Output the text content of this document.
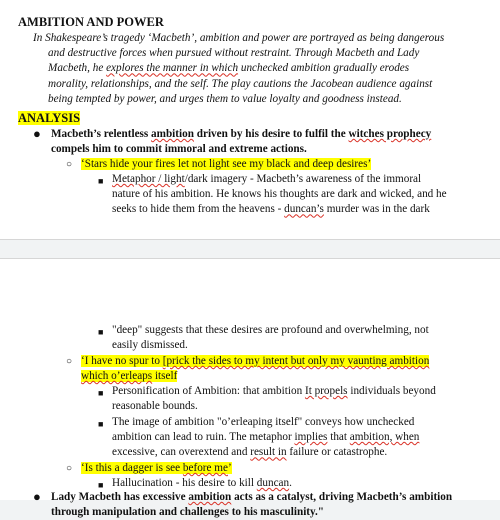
AMBITION AND POWER
In Shakespeare’s tragedy ‘Macbeth’, ambition and power are portrayed as being dangerous
and destructive forces when pursued without restraint. Through Macbeth and Lady
Macbeth, he explores the manner in which unchecked ambition gradually erodes
morality, relationships, and the self. The play cautions the Jacobean audience against
being tempted by power, and urges them to value loyalty and goodness instead.
ANALYSIS
● Macbeth’s relentless ambition driven by his desire to fulfil the witches prophecy
compels him to commit immoral and extreme actions.
○ ‘Stars hide your fires let not light see my black and deep desires’
■ Metaphor / light/dark imagery - Macbeth’s awareness of the immoral
nature of his ambition. He knows his thoughts are dark and wicked, and he
seeks to hide them from the heavens - duncan’s murder was in the dark
■ "deep" suggests that these desires are profound and overwhelming, not
easily dismissed.
○ ‘I have no spur to [prick the sides to my intent but only my vaunting ambition
which o’erleaps itself
■ Personification of Ambition: that ambition It propels individuals beyond
reasonable bounds.
■ The image of ambition "o’erleaping itself" conveys how unchecked
ambition can lead to ruin. The metaphor implies that ambition, when
excessive, can overextend and result in failure or catastrophe.
○ ‘Is this a dagger is see before me’
■ Hallucination - his desire to kill duncan.
● Lady Macbeth has excessive ambition acts as a catalyst, driving Macbeth’s ambition
through manipulation and challenges to his masculinity."
